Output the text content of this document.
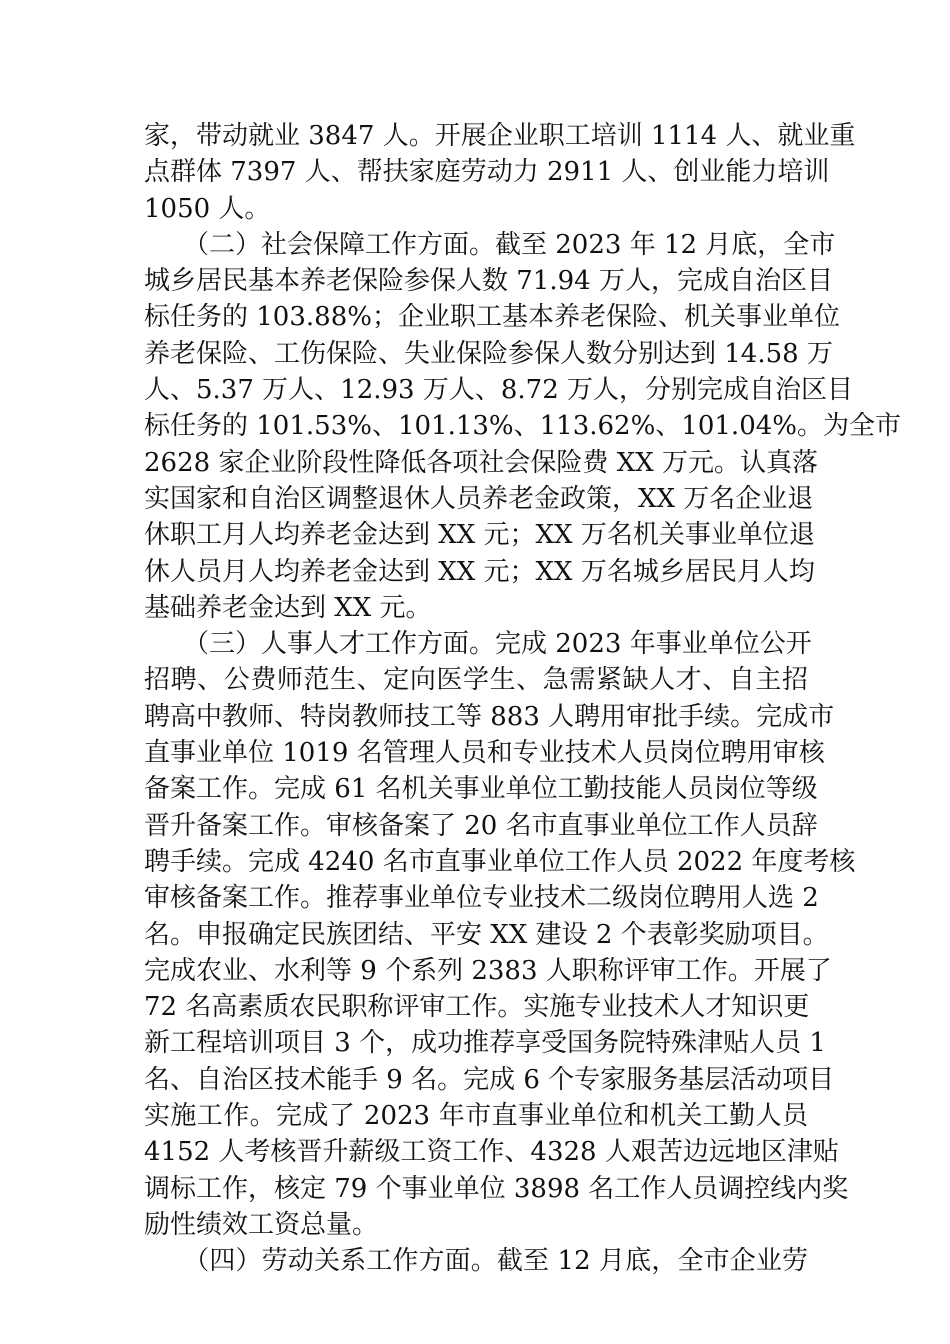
家，带动就业 3847 人。开展企业职工培训 1114 人、就业重
点群体 7397 人、帮扶家庭劳动力 2911 人、创业能力培训
1050 人。
　　（二）社会保障工作方面。截至 2023 年 12 月底，全市
城乡居民基本养老保险参保人数 71.94 万人，完成自治区目
标任务的 103.88%；企业职工基本养老保险、机关事业单位
养老保险、工伤保险、失业保险参保人数分别达到 14.58 万
人、5.37 万人、12.93 万人、8.72 万人，分别完成自治区目
标任务的 101.53%、101.13%、113.62%、101.04%。为全市
2628 家企业阶段性降低各项社会保险费 XX 万元。认真落
实国家和自治区调整退休人员养老金政策，XX 万名企业退
休职工月人均养老金达到 XX 元；XX 万名机关事业单位退
休人员月人均养老金达到 XX 元；XX 万名城乡居民月人均
基础养老金达到 XX 元。
　　（三）人事人才工作方面。完成 2023 年事业单位公开
招聘、公费师范生、定向医学生、急需紧缺人才、自主招
聘高中教师、特岗教师技工等 883 人聘用审批手续。完成市
直事业单位 1019 名管理人员和专业技术人员岗位聘用审核
备案工作。完成 61 名机关事业单位工勤技能人员岗位等级
晋升备案工作。审核备案了 20 名市直事业单位工作人员辞
聘手续。完成 4240 名市直事业单位工作人员 2022 年度考核
审核备案工作。推荐事业单位专业技术二级岗位聘用人选 2
名。申报确定民族团结、平安 XX 建设 2 个表彰奖励项目。
完成农业、水利等 9 个系列 2383 人职称评审工作。开展了
72 名高素质农民职称评审工作。实施专业技术人才知识更
新工程培训项目 3 个，成功推荐享受国务院特殊津贴人员 1
名、自治区技术能手 9 名。完成 6 个专家服务基层活动项目
实施工作。完成了 2023 年市直事业单位和机关工勤人员
4152 人考核晋升薪级工资工作、4328 人艰苦边远地区津贴
调标工作，核定 79 个事业单位 3898 名工作人员调控线内奖
励性绩效工资总量。
　　（四）劳动关系工作方面。截至 12 月底，全市企业劳
